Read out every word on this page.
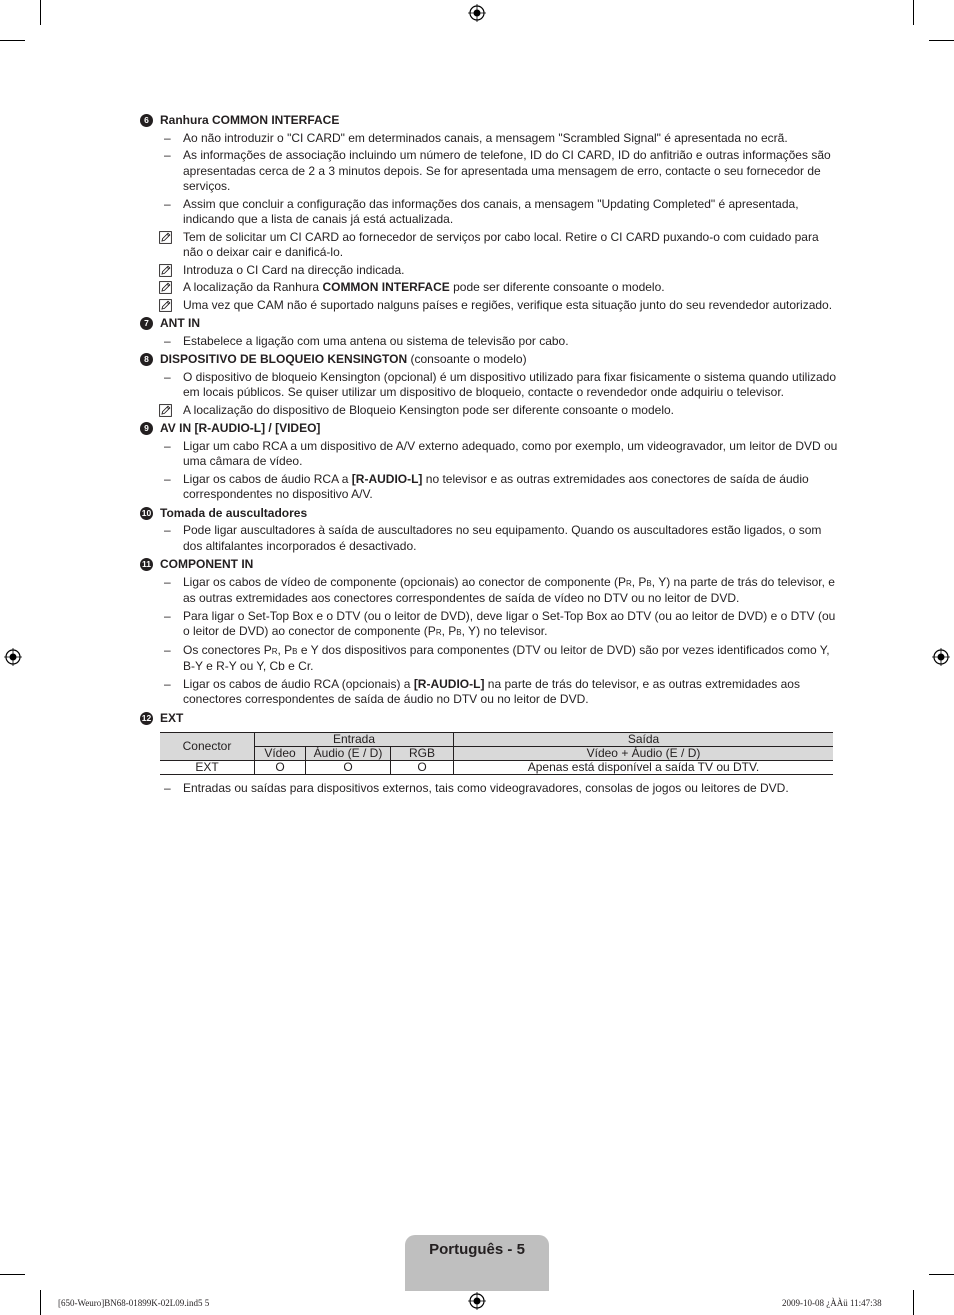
6 Ranhura COMMON INTERFACE
–
Ao não introduzir o "CI CARD" em determinados canais, a mensagem "Scrambled Signal" é apresentada no ecrã.
–
As informações de associação incluindo um número de telefone, ID do CI CARD, ID do anfitrião e outras informações são apresentadas cerca de 2 a 3 minutos depois. Se for apresentada uma mensagem de erro, contacte o seu fornecedor de serviços.
–
Assim que concluir a configuração das informações dos canais, a mensagem "Updating Completed" é apresentada, indicando que a lista de canais já está actualizada.
Tem de solicitar um CI CARD ao fornecedor de serviços por cabo local. Retire o CI CARD puxando-o com cuidado para não o deixar cair e danificá-lo.
Introduza o CI Card na direcção indicada.
A localização da Ranhura COMMON INTERFACE pode ser diferente consoante o modelo.
Uma vez que CAM não é suportado nalguns países e regiões, verifique esta situação junto do seu revendedor autorizado.
7 ANT IN
–
Estabelece a ligação com uma antena ou sistema de televisão por cabo.
8 DISPOSITIVO DE BLOQUEIO KENSINGTON (consoante o modelo)
–
O dispositivo de bloqueio Kensington (opcional) é um dispositivo utilizado para fixar fisicamente o sistema quando utilizado em locais públicos. Se quiser utilizar um dispositivo de bloqueio, contacte o revendedor onde adquiriu o televisor.
A localização do dispositivo de Bloqueio Kensington pode ser diferente consoante o modelo.
9 AV IN [R-AUDIO-L] / [VIDEO]
–
Ligar um cabo RCA a um dispositivo de A/V externo adequado, como por exemplo, um videogravador, um leitor de DVD ou uma câmara de vídeo.
–
Ligar os cabos de áudio RCA a [R-AUDIO-L] no televisor e as outras extremidades aos conectores de saída de áudio correspondentes no dispositivo A/V.
10 Tomada de auscultadores
–
Pode ligar auscultadores à saída de auscultadores no seu equipamento. Quando os auscultadores estão ligados, o som dos altifalantes incorporados é desactivado.
11 COMPONENT IN
–
Ligar os cabos de vídeo de componente (opcionais) ao conector de componente (PR, PB, Y) na parte de trás do televisor, e as outras extremidades aos conectores correspondentes de saída de vídeo no DTV ou no leitor de DVD.
–
Para ligar o Set-Top Box e o DTV (ou o leitor de DVD), deve ligar o Set-Top Box ao DTV (ou ao leitor de DVD) e o DTV (ou o leitor de DVD) ao conector de componente (PR, PB, Y) no televisor.
–
Os conectores PR, PB e Y dos dispositivos para componentes (DTV ou leitor de DVD) são por vezes identificados como Y, B-Y e R-Y ou Y, Cb e Cr.
–
Ligar os cabos de áudio RCA (opcionais) a [R-AUDIO-L] na parte de trás do televisor, e as outras extremidades aos conectores correspondentes de saída de áudio no DTV ou no leitor de DVD.
12 EXT
Conector	Entrada			Saída
	Vídeo	Áudio (E / D)	RGB	Vídeo + Áudio (E / D)
EXT	O	O	O	Apenas está disponível a saída TV ou DTV.
–
Entradas ou saídas para dispositivos externos, tais como videogravadores, consolas de jogos ou leitores de DVD.
Português - 5
[650-Weuro]BN68-01899K-02L09.ind5 5	2009-10-08 ¿ÀÀü 11:47:38
